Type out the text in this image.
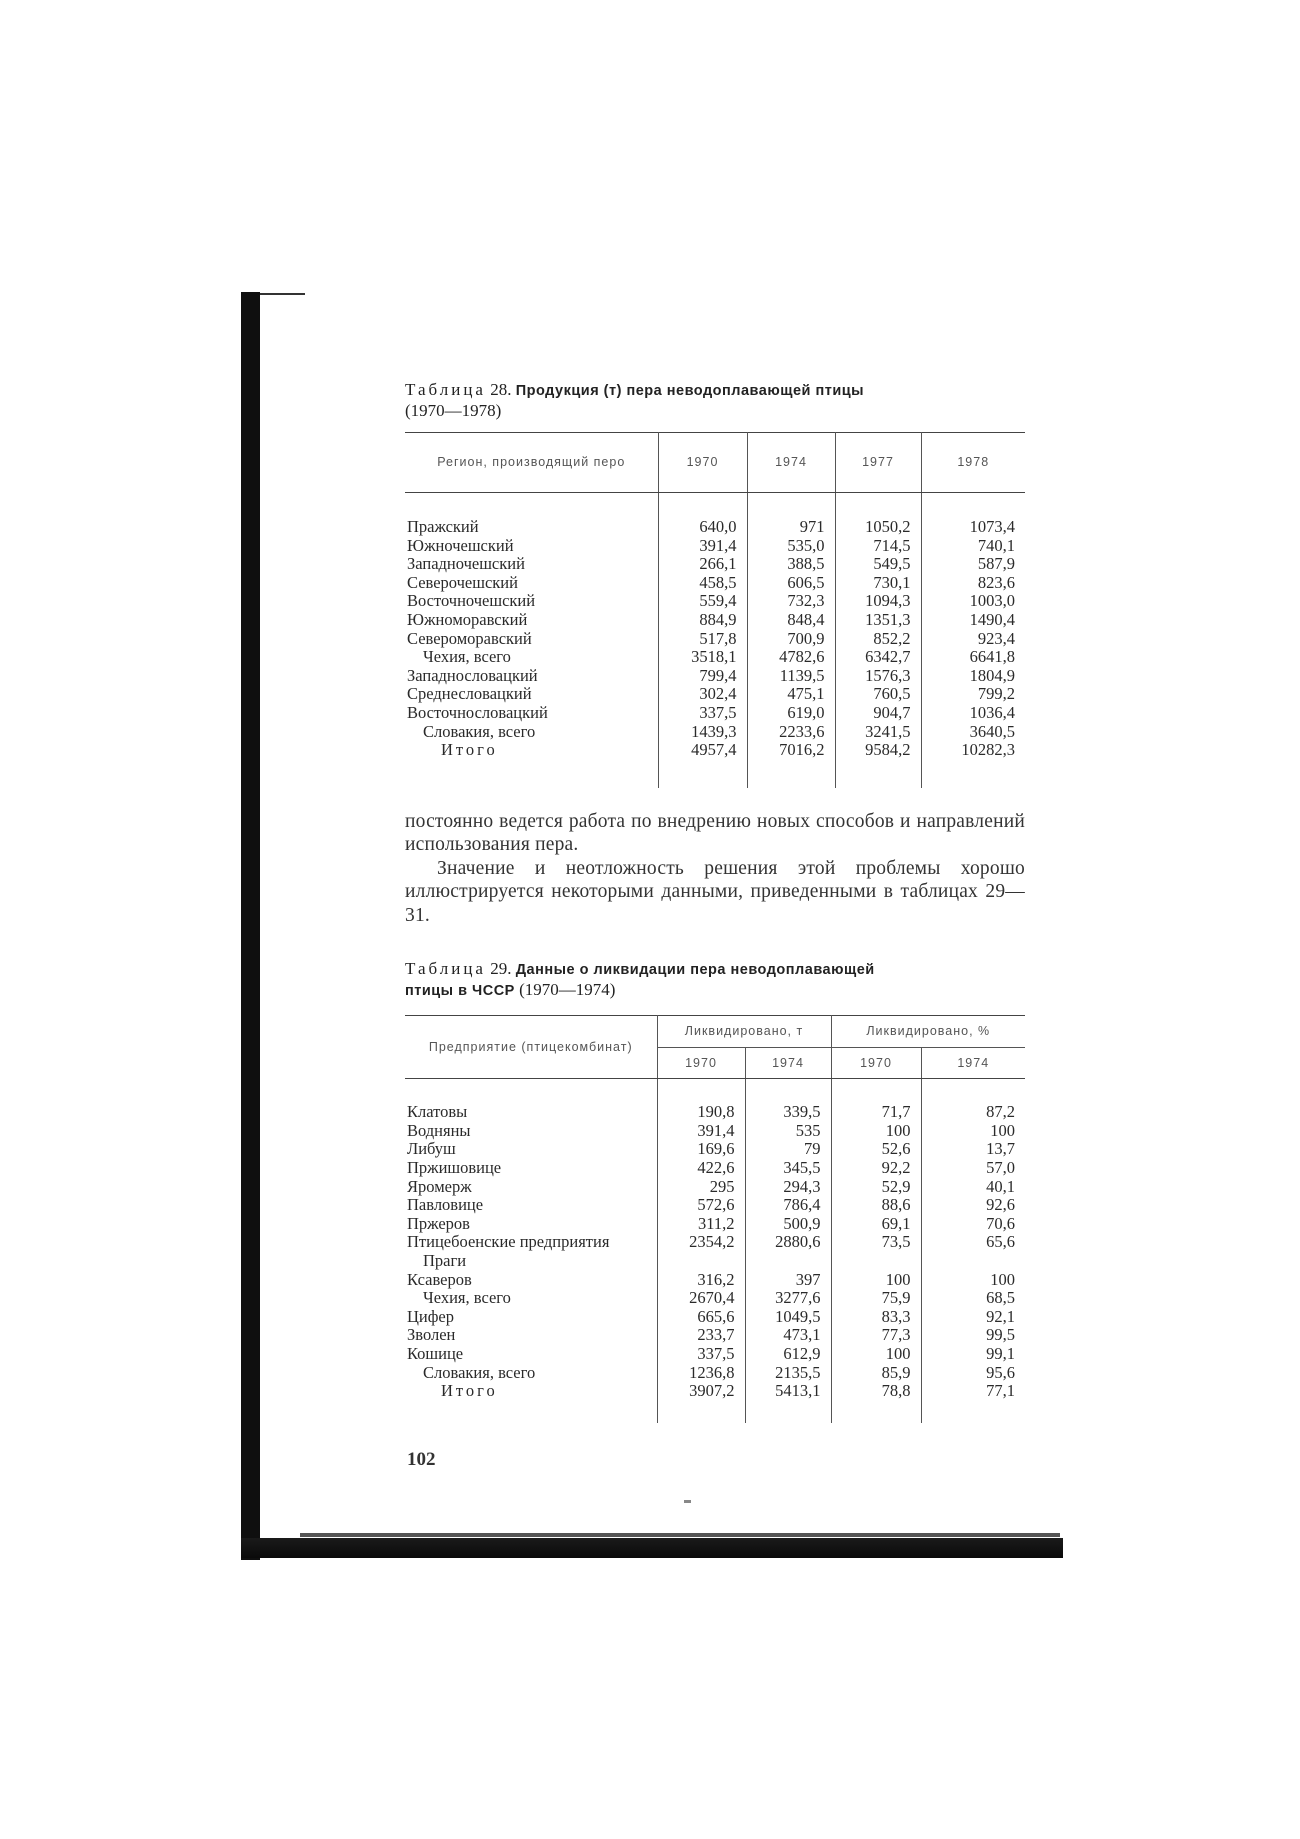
Таблица 28. Продукция (т) пера неводоплавающей птицы
(1970—1978)
Регион, производящий перо	1970	1974	1977	1978

Пражский	640,0	971	1050,2	1073,4
Южночешский	391,4	535,0	714,5	740,1
Западночешский	266,1	388,5	549,5	587,9
Северочешский	458,5	606,5	730,1	823,6
Восточночешский	559,4	732,3	1094,3	1003,0
Южноморавский	884,9	848,4	1351,3	1490,4
Североморавский	517,8	700,9	852,2	923,4
Чехия, всего	3518,1	4782,6	6342,7	6641,8
Западнословацкий	799,4	1139,5	1576,3	1804,9
Среднесловацкий	302,4	475,1	760,5	799,2
Восточнословацкий	337,5	619,0	904,7	1036,4
Словакия, всего	1439,3	2233,6	3241,5	3640,5
Итого	4957,4	7016,2	9584,2	10282,3

постоянно ведется работа по внедрению новых способов и направлений использования пера.

Значение и неотложность решения этой проблемы хорошо иллюстрируется некоторыми данными, приведенными в таблицах 29—31.

Таблица 29. Данные о ликвидации пера неводоплавающей
птицы в ЧССР (1970—1974)
Предприятие (птицекомбинат)	Ликвидировано, т		Ликвидировано, %	
	1970	1974	1970	1974

Клатовы	190,8	339,5	71,7	87,2
Водняны	391,4	535	100	100
Либуш	169,6	79	52,6	13,7
Пржишовице	422,6	345,5	92,2	57,0
Яромерж	295	294,3	52,9	40,1
Павловице	572,6	786,4	88,6	92,6
Пржеров	311,2	500,9	69,1	70,6
Птицебоенские предприятия	2354,2	2880,6	73,5	65,6
Праги				
Ксаверов	316,2	397	100	100
Чехия, всего	2670,4	3277,6	75,9	68,5
Цифер	665,6	1049,5	83,3	92,1
Зволен	233,7	473,1	77,3	99,5
Кошице	337,5	612,9	100	99,1
Словакия, всего	1236,8	2135,5	85,9	95,6
Итого	3907,2	5413,1	78,8	77,1

102
